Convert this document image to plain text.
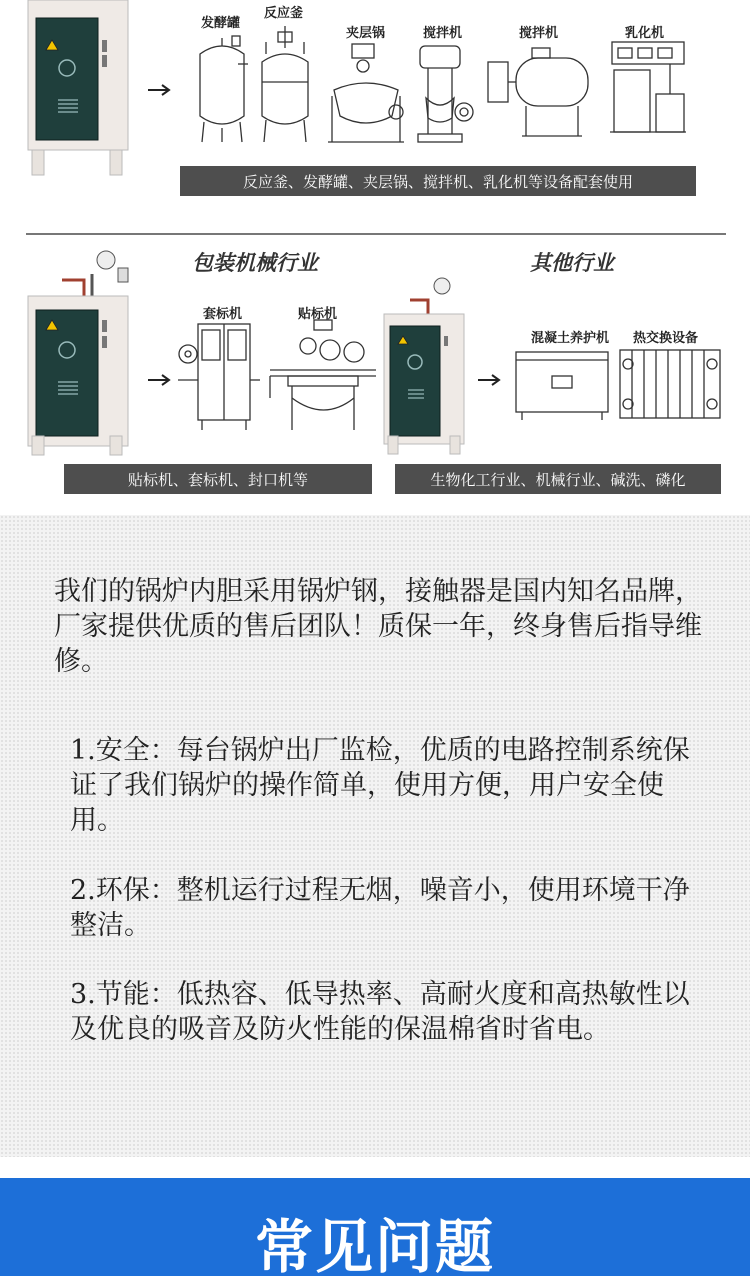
发酵罐
反应釜
夹层锅	搅拌机	搅拌机	乳化机
反应釜、发酵罐、夹层锅、搅拌机、乳化机等设备配套使用
包装机械行业	其他行业
套标机	贴标机
混凝土养护机 热交换设备
贴标机、套标机、封口机等	生物化工行业、机械行业、碱洗、磷化
我们的锅炉内胆采用锅炉钢，接触器是国内知名品牌，厂家提供优质的售后团队！质保一年，终身售后指导维修。
1.安全：每台锅炉出厂监检，优质的电路控制系统保证了我们锅炉的操作简单，使用方便，用户安全使用。
2.环保：整机运行过程无烟，噪音小，使用环境干净整洁。
3.节能：低热容、低导热率、高耐火度和高热敏性以及优良的吸音及防火性能的保温棉省时省电。
常见问题
